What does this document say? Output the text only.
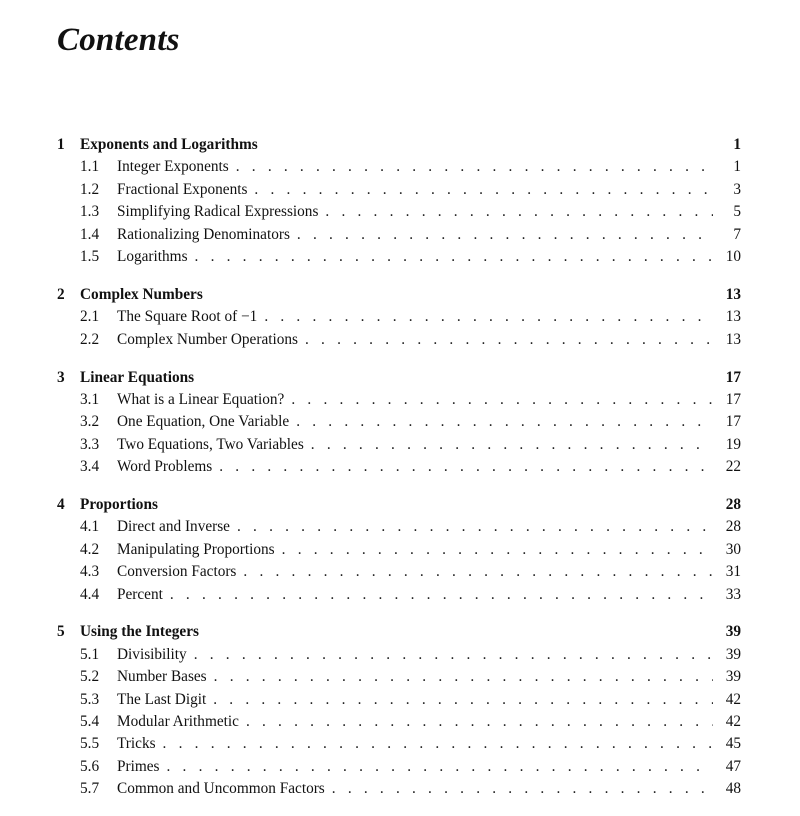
Contents
1	Exponents and Logarithms	1
1.1	Integer Exponents . . .	1
1.2	Fractional Exponents . . .	3
1.3	Simplifying Radical Expressions . . .	5
1.4	Rationalizing Denominators . . .	7
1.5	Logarithms . . .	10
2	Complex Numbers	13
2.1	The Square Root of −1 . . .	13
2.2	Complex Number Operations . . .	13
3	Linear Equations	17
3.1	What is a Linear Equation? . . .	17
3.2	One Equation, One Variable . . .	17
3.3	Two Equations, Two Variables . . .	19
3.4	Word Problems . . .	22
4	Proportions	28
4.1	Direct and Inverse . . .	28
4.2	Manipulating Proportions . . .	30
4.3	Conversion Factors . . .	31
4.4	Percent . . .	33
5	Using the Integers	39
5.1	Divisibility . . .	39
5.2	Number Bases . . .	39
5.3	The Last Digit . . .	42
5.4	Modular Arithmetic . . .	42
5.5	Tricks . . .	45
5.6	Primes . . .	47
5.7	Common and Uncommon Factors . . .	48
